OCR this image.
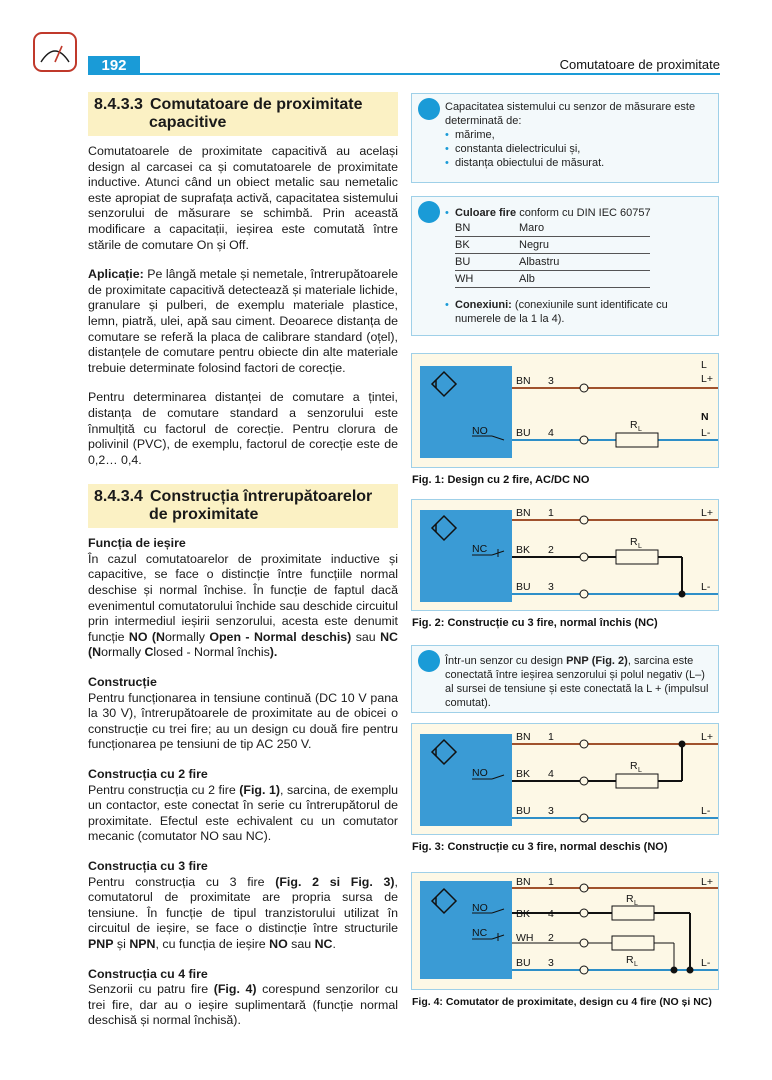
192	Comutatoare de proximitate
8.4.3.3 Comutatoare de proximitate
capacitive

Comutatoarele de proximitate capacitivă au același design al carcasei ca și comutatoarele de proximitate inductive. Atunci când un obiect metalic sau nemetalic este apropiat de suprafața activă, capacitatea sistemului senzorului de măsurare se schimbă. Prin această modificare a capacitații, ieșirea este comutată între stările de comutare On și Off.

Aplicație: Pe lângă metale și nemetale, întrerupătoarele de proximitate capacitivă detectează și materiale lichide, granulare și pulberi, de exemplu materiale plastice, lemn, piatră, ulei, apă sau ciment. Deoarece distanța de comutare se referă la placa de calibrare standard (oțel), distanțele de comutare pentru obiecte din alte materiale trebuie determinate folosind factori de corecție.

Pentru determinarea distanței de comutare a țintei, distanța de comutare standard a senzorului este înmulțită cu factorul de corecție. Pentru clorura de polivinil (PVC), de exemplu, factorul de corecție este de 0,2… 0,4.

8.4.3.4 Construcția întrerupătoarelor
de proximitate

Funcția de ieșire

În cazul comutatoarelor de proximitate inductive și capacitive, se face o distincție între funcțiile normal deschise și normal închise. În funcție de faptul dacă evenimentul comutatorului închide sau deschide circuitul prin intermediul ieșirii senzorului, acesta este denumit funcție NO (Normally Open - Normal deschis) sau NC (Normally Closed - Normal închis).

Construcție

Pentru funcționarea in tensiune continuă (DC 10 V pana la 30 V), întrerupătoarele de proximitate au de obicei o construcție cu trei fire; au un design cu două fire pentru funcționarea pe tensiuni de tip AC 250 V.

Construcția cu 2 fire

Pentru construcția cu 2 fire (Fig. 1), sarcina, de exemplu un contactor, este conectat în serie cu întrerupătorul de proximitate. Efectul este echivalent cu un comutator mecanic (comutator NO sau NC).

Construcția cu 3 fire

Pentru construcția cu 3 fire (Fig. 2 si Fig. 3), comutatorul de proximitate are propria sursa de tensiune. În funcție de tipul tranzistorului utilizat în circuitul de ieșire, se face o distincție între structurile PNP și NPN, cu funcția de ieșire NO sau NC.

Construcția cu 4 fire

Senzorii cu patru fire (Fig. 4) corespund senzorilor cu trei fire, dar au o ieșire suplimentară (funcție normal deschisă și normal închisă).

Capacitatea sistemului cu senzor de măsurare este determinată de:
• mărime,
• constanta dielectricului și,
• distanța obiectului de măsurat.
• Culoare fire conform cu DIN IEC 60757
BN	Maro
BK	Negru
BU	Albastru
WH	Alb
• Conexiuni: (conexiunile sunt identificate cu numerele de la 1 la 4).
BN 3
BU 4
NO	R L
L
L+
N
L-
Fig. 1: Design cu 2 fire, AC/DC NO
BN 1
BK 2
BU 3
NC
R L
L+
L-
Fig. 2: Construcție cu 3 fire, normal închis (NC)
Într-un senzor cu design PNP (Fig. 2), sarcina este conectată între ieșirea senzorului și polul negativ (L–) al sursei de tensiune și este conectată la L + (impulsul comutat).
BN 1
BK 4
BU 3
NO
R L
L+
L-
Fig. 3: Construcție cu 3 fire, normal deschis (NO)
BN 1
BK 4
WH 2
BU 3
NO
NC
R L
R L
L+
L-
Fig. 4: Comutator de proximitate, design cu 4 fire (NO și NC)
